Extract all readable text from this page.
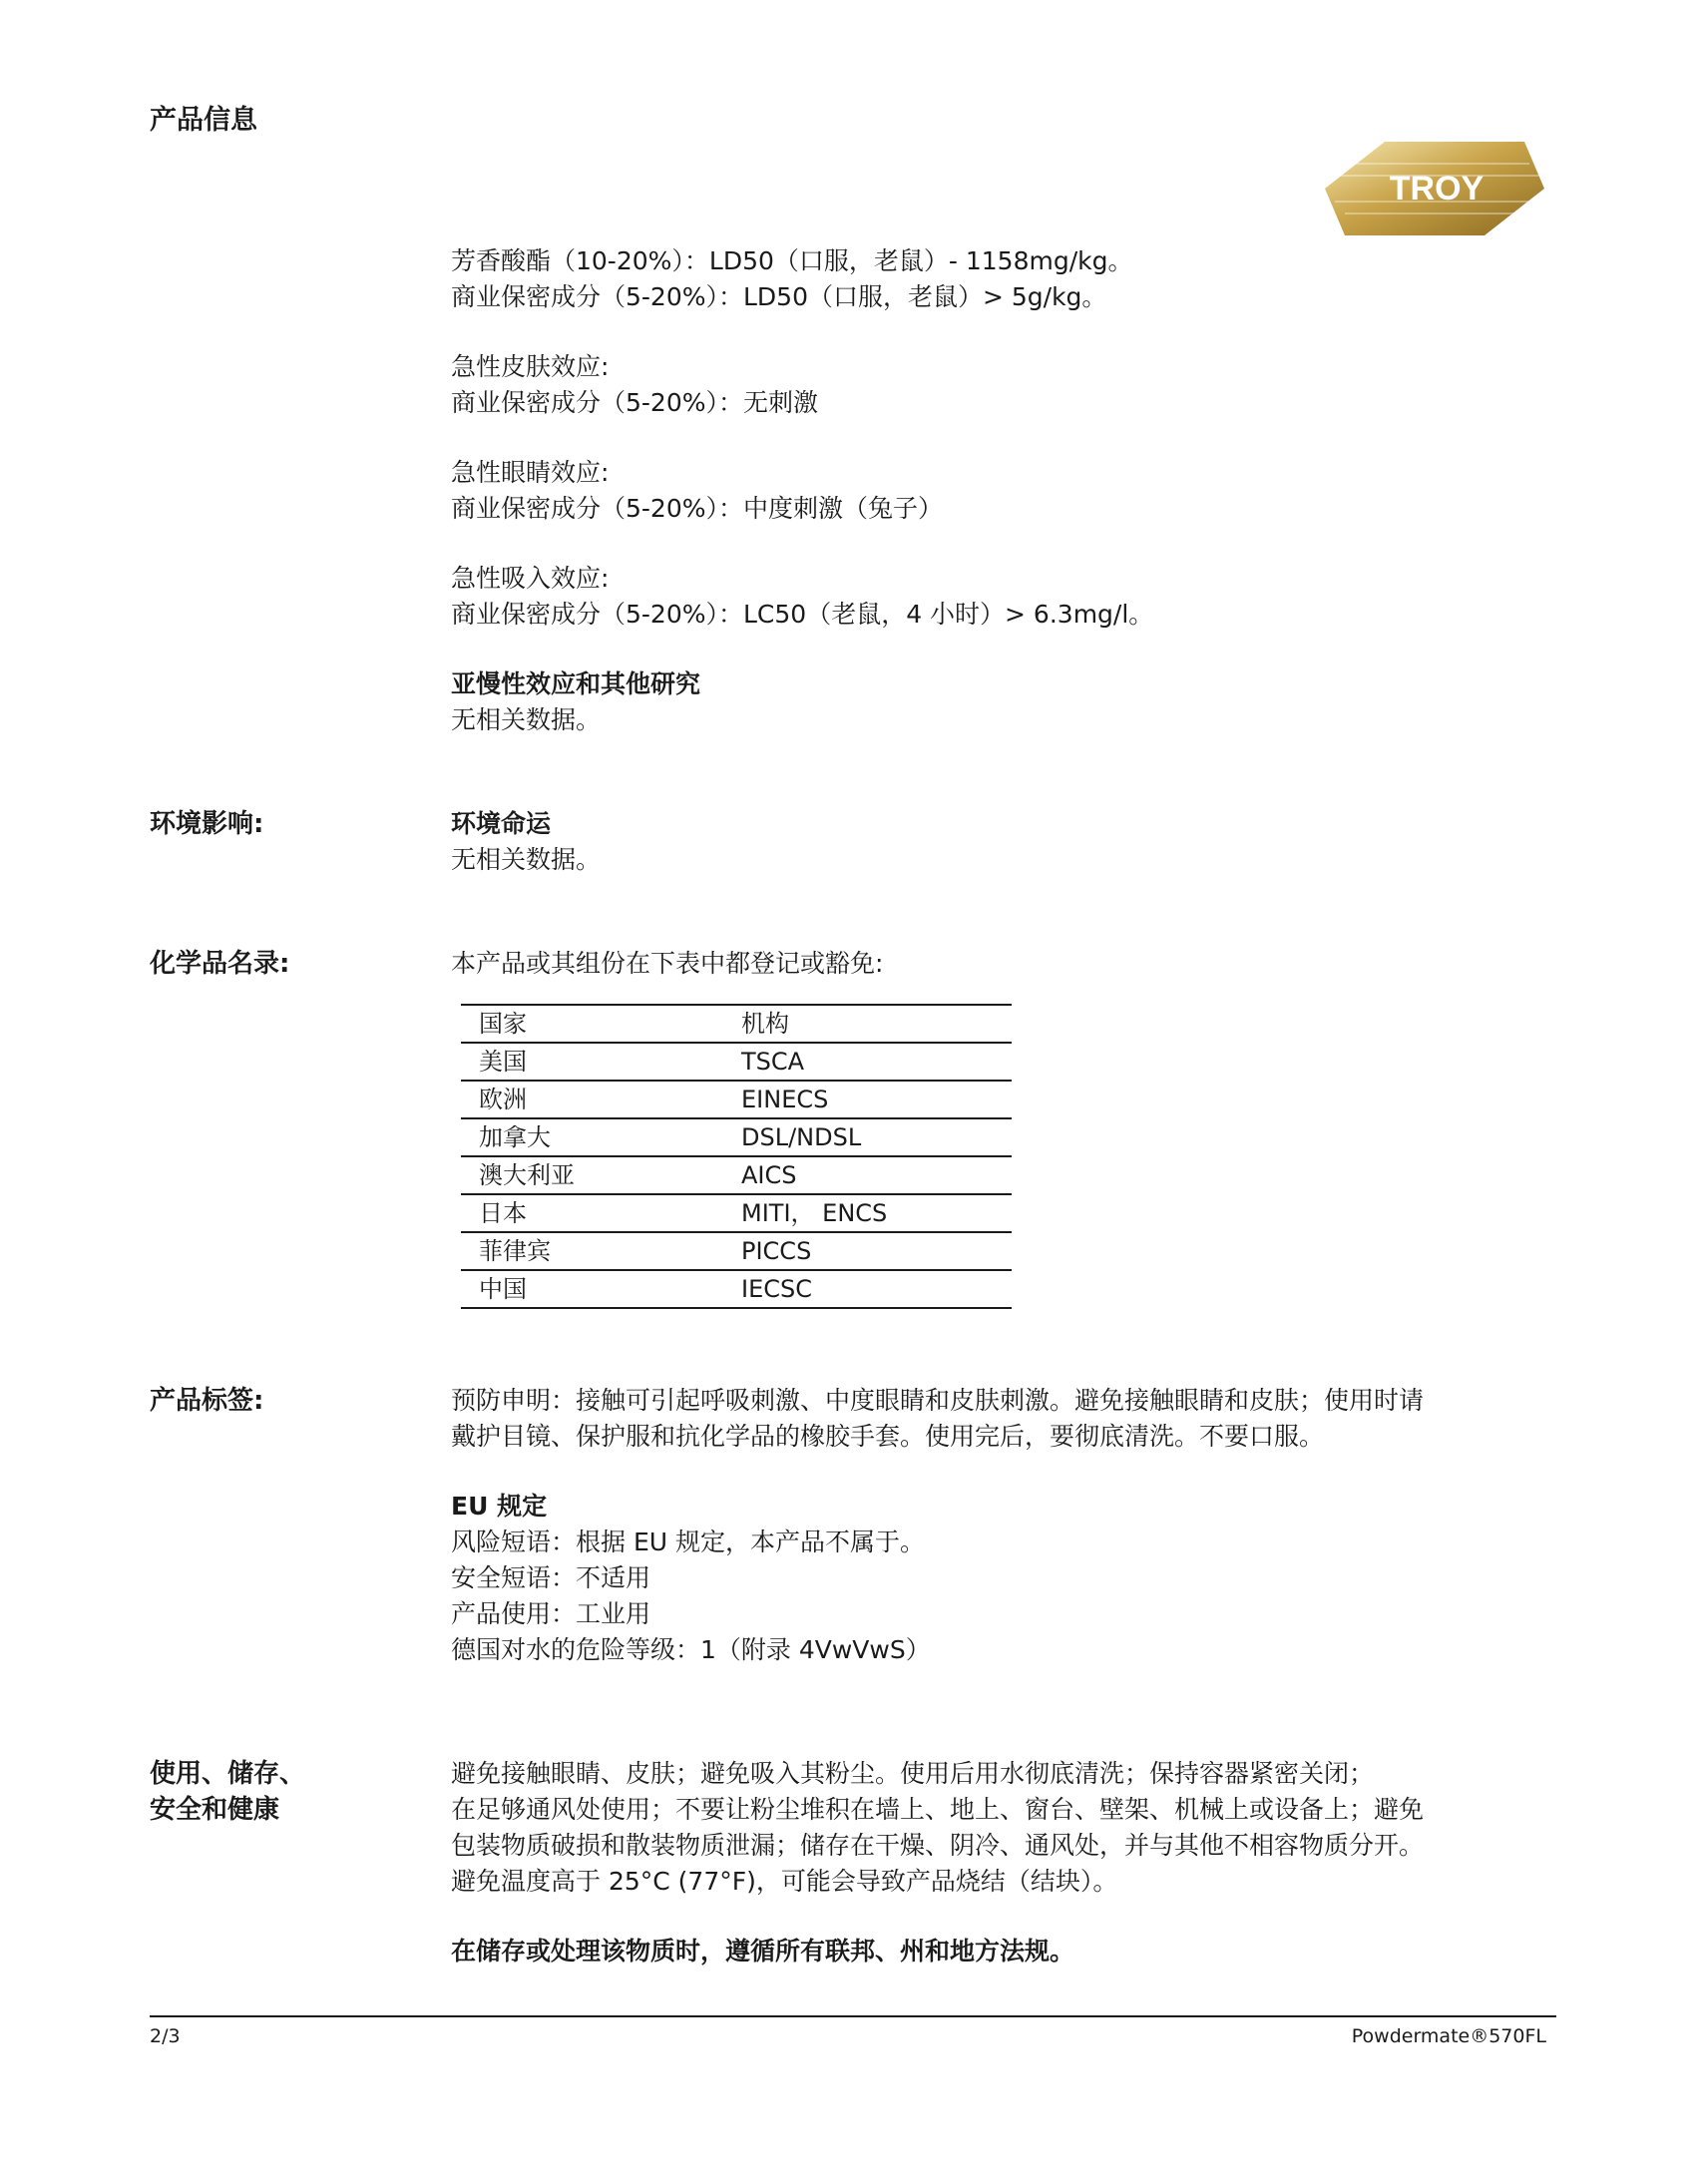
产品信息
TROY

芳香酸酯（10-20%）：LD50（口服，老鼠）- 1158mg/kg。

商业保密成分（5-20%）：LD50（口服，老鼠）> 5g/kg。

急性皮肤效应:

商业保密成分（5-20%）：无刺激

急性眼睛效应:

商业保密成分（5-20%）：中度刺激（兔子）

急性吸入效应:

商业保密成分（5-20%）：LC50（老鼠，4 小时）> 6.3mg/l。

亚慢性效应和其他研究

无相关数据。

环境影响:	环境命运

无相关数据。

化学品名录:	本产品或其组份在下表中都登记或豁免:

国家	机构
美国	TSCA
欧洲	EINECS
加拿大	DSL/NDSL
澳大利亚	AICS
日本	MITI， ENCS
菲律宾	PICCS
中国	IECSC
产品标签:	预防申明：接触可引起呼吸刺激、中度眼睛和皮肤刺激。避免接触眼睛和皮肤；使用时请

戴护目镜、保护服和抗化学品的橡胶手套。使用完后，要彻底清洗。不要口服。

EU 规定

风险短语：根据 EU 规定，本产品不属于。

安全短语：不适用

产品使用：工业用

德国对水的危险等级：1（附录 4VwVwS）

使用、储存、
安全和健康

避免接触眼睛、皮肤；避免吸入其粉尘。使用后用水彻底清洗；保持容器紧密关闭；

在足够通风处使用；不要让粉尘堆积在墙上、地上、窗台、壁架、机械上或设备上；避免

包装物质破损和散装物质泄漏；储存在干燥、阴冷、通风处，并与其他不相容物质分开。

避免温度高于 25°C (77°F)，可能会导致产品烧结（结块）。

在储存或处理该物质时，遵循所有联邦、州和地方法规。

2/3	Powdermate®570FL
